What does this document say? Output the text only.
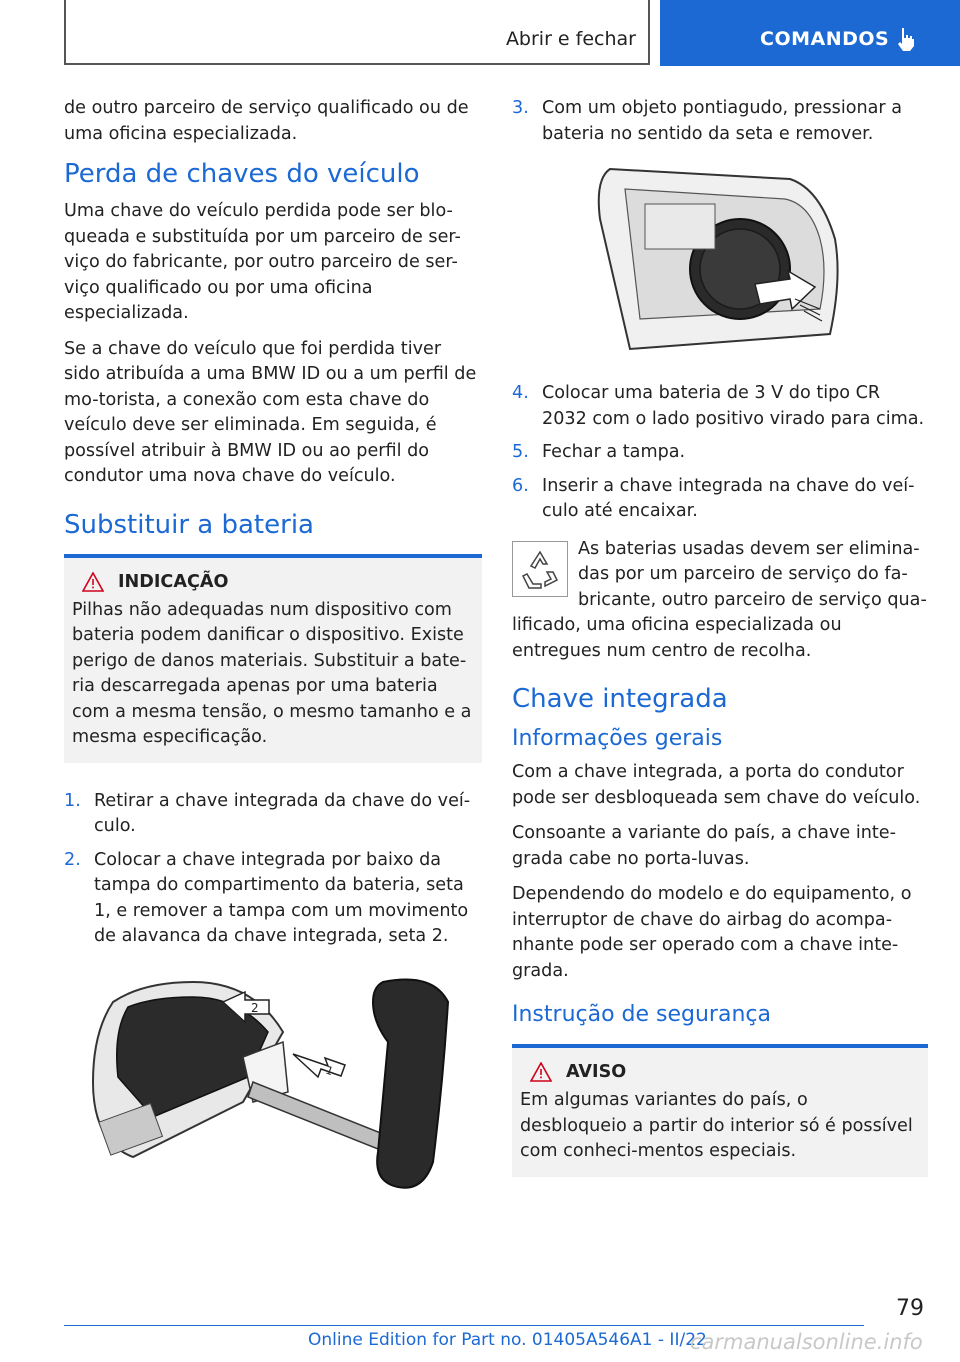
Abrir e fechar	COMANDOS

de outro parceiro de serviço qualificado ou de uma oficina especializada.

Perda de chaves do veículo

Uma chave do veículo perdida pode ser blo-queada e substituída por um parceiro de ser-viço do fabricante, por outro parceiro de ser-viço qualificado ou por uma oficina especializada.

Se a chave do veículo que foi perdida tiver sido atribuída a uma BMW ID ou a um perfil de mo-torista, a conexão com esta chave do veículo deve ser eliminada. Em seguida, é possível atribuir à BMW ID ou ao perfil do condutor uma nova chave do veículo.

Substituir a bateria
INDICAÇÃO

Pilhas não adequadas num dispositivo com bateria podem danificar o dispositivo. Existe perigo de danos materiais. Substituir a bate-ria descarregada apenas por uma bateria com a mesma tensão, o mesmo tamanho e a mesma especificação.

1. Retirar a chave integrada da chave do veí-culo.
2. Colocar a chave integrada por baixo da tampa do compartimento da bateria, seta 1, e remover a tampa com um movimento de alavanca da chave integrada, seta 2.
1
2
3. Com um objeto pontiagudo, pressionar a bateria no sentido da seta e remover.
4. Colocar uma bateria de 3 V do tipo CR 2032 com o lado positivo virado para cima.
5. Fechar a tampa.
6. Inserir a chave integrada na chave do veí-culo até encaixar.

As baterias usadas devem ser elimina-das por um parceiro de serviço do fa-bricante, outro parceiro de serviço qua-lificado, uma oficina especializada ou entregues num centro de recolha.

Chave integrada
Informações gerais

Com a chave integrada, a porta do condutor pode ser desbloqueada sem chave do veículo.

Consoante a variante do país, a chave inte-grada cabe no porta-luvas.

Dependendo do modelo e do equipamento, o interruptor de chave do airbag do acompa-nhante pode ser operado com a chave inte-grada.

Instrução de segurança
AVISO

Em algumas variantes do país, o desbloqueio a partir do interior só é possível com conheci-mentos especiais.

79
Online Edition for Part no. 01405A546A1 - II/22
carmanualsonline.info
